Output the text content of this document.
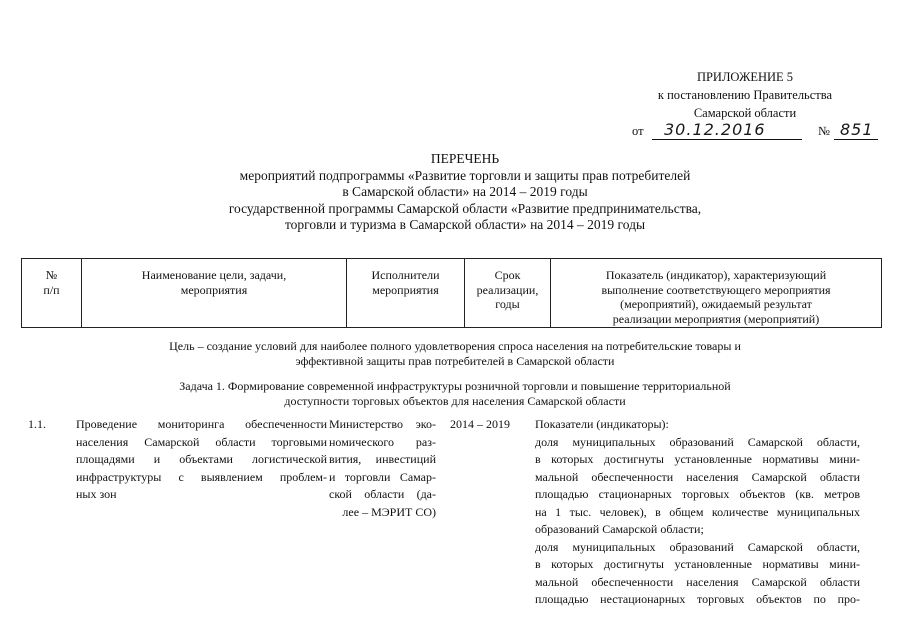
ПРИЛОЖЕНИЕ 5
к постановлению Правительства
Самарской области
от 30.12.2016	№ 851
ПЕРЕЧЕНЬ
мероприятий подпрограммы «Развитие торговли и защиты прав потребителей
в Самарской области» на 2014 – 2019 годы
государственной программы Самарской области «Развитие предпринимательства,
торговли и туризма в Самарской области» на 2014 – 2019 годы
№
п/п
Наименование цели, задачи,
мероприятия
Исполнители
мероприятия
Срок
реализации,
годы
Показатель (индикатор), характеризующий
выполнение соответствующего мероприятия
(мероприятий), ожидаемый результат
реализации мероприятия (мероприятий)
Цель – создание условий для наиболее полного удовлетворения спроса населения на потребительские товары и
эффективной защиты прав потребителей в Самарской области
Задача 1. Формирование современной инфраструктуры розничной торговли и повышение территориальной
доступности торговых объектов для населения Самарской области
1.1.	Проведение мониторинга обеспеченности
населения Самарской области торговыми
площадями и объектами логистической
инфраструктуры с выявлением проблем-
ных зон
Министерство эко-
номического раз-
вития, инвестиций
и торговли Самар-
ской области (да-
лее – МЭРИТ СО)
2014 – 2019 Показатели (индикаторы):
доля муниципальных образований Самарской области,
в которых достигнуты установленные нормативы мини-
мальной обеспеченности населения Самарской области
площадью стационарных торговых объектов (кв. метров
на 1 тыс. человек), в общем количестве муниципальных
образований Самарской области;
доля муниципальных образований Самарской области,
в которых достигнуты установленные нормативы мини-
мальной обеспеченности населения Самарской области
площадью нестационарных торговых объектов по про-
